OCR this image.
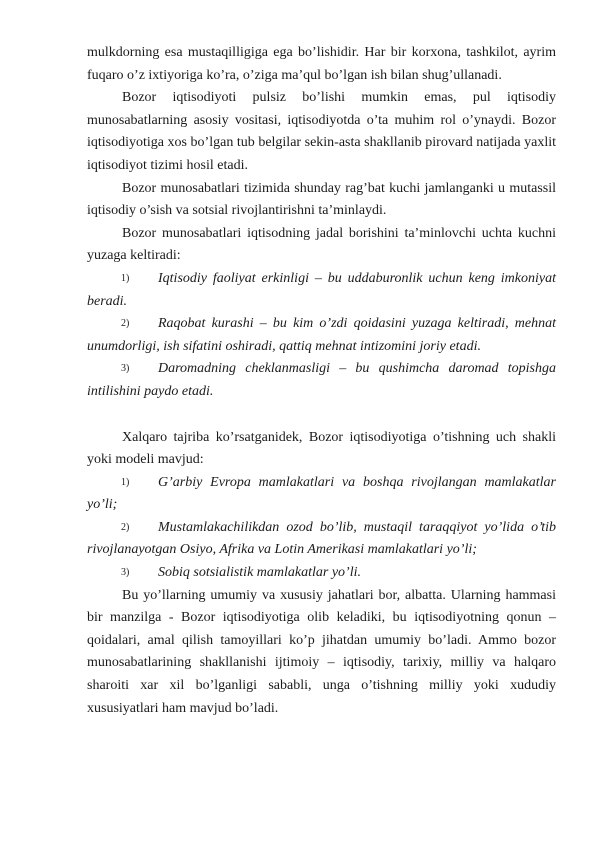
mulkdorning esa mustaqilligiga ega bo’lishidir. Har bir korxona, tashkilot, ayrim fuqaro o’z ixtiyoriga ko’ra, o’ziga ma’qul bo’lgan ish bilan shug’ullanadi.

Bozor iqtisodiyoti pulsiz bo’lishi mumkin emas, pul iqtisodiy munosabatlarning asosiy vositasi, iqtisodiyotda o’ta muhim rol o’ynaydi. Bozor iqtisodiyotiga xos bo’lgan tub belgilar sekin-asta shakllanib pirovard natijada yaxlit iqtisodiyot tizimi hosil etadi.

Bozor munosabatlari tizimida shunday rag’bat kuchi jamlanganki u mutassil iqtisodiy o’sish va sotsial rivojlantirishni ta’minlaydi.

Bozor munosabatlari iqtisodning jadal borishini ta’minlovchi uchta kuchni yuzaga keltiradi:

1) Iqtisodiy faoliyat erkinligi – bu uddaburonlik uchun keng imkoniyat beradi.

2) Raqobat kurashi – bu kim o’zdi qoidasini yuzaga keltiradi, mehnat unumdorligi, ish sifatini oshiradi, qattiq mehnat intizomini joriy etadi.

3) Daromadning cheklanmasligi – bu qushimcha daromad topishga intilishini paydo etadi.

Xalqaro tajriba ko’rsatganidek, Bozor iqtisodiyotiga o’tishning uch shakli yoki modeli mavjud:

1) G’arbiy Evropa mamlakatlari va boshqa rivojlangan mamlakatlar yo’li;

2) Mustamlakachilikdan ozod bo’lib, mustaqil taraqqiyot yo’lida o’tib rivojlanayotgan Osiyo, Afrika va Lotin Amerikasi mamlakatlari yo’li;

3) Sobiq sotsialistik mamlakatlar yo’li.

Bu yo’llarning umumiy va xususiy jahatlari bor, albatta. Ularning hammasi bir manzilga - Bozor iqtisodiyotiga olib keladiki, bu iqtisodiyotning qonun – qoidalari, amal qilish tamoyillari ko’p jihatdan umumiy bo’ladi. Ammo bozor munosabatlarining shakllanishi ijtimoiy – iqtisodiy, tarixiy, milliy va halqaro sharoiti xar xil bo’lganligi sababli, unga o’tishning milliy yoki xududiy xususiyatlari ham mavjud bo’ladi.
